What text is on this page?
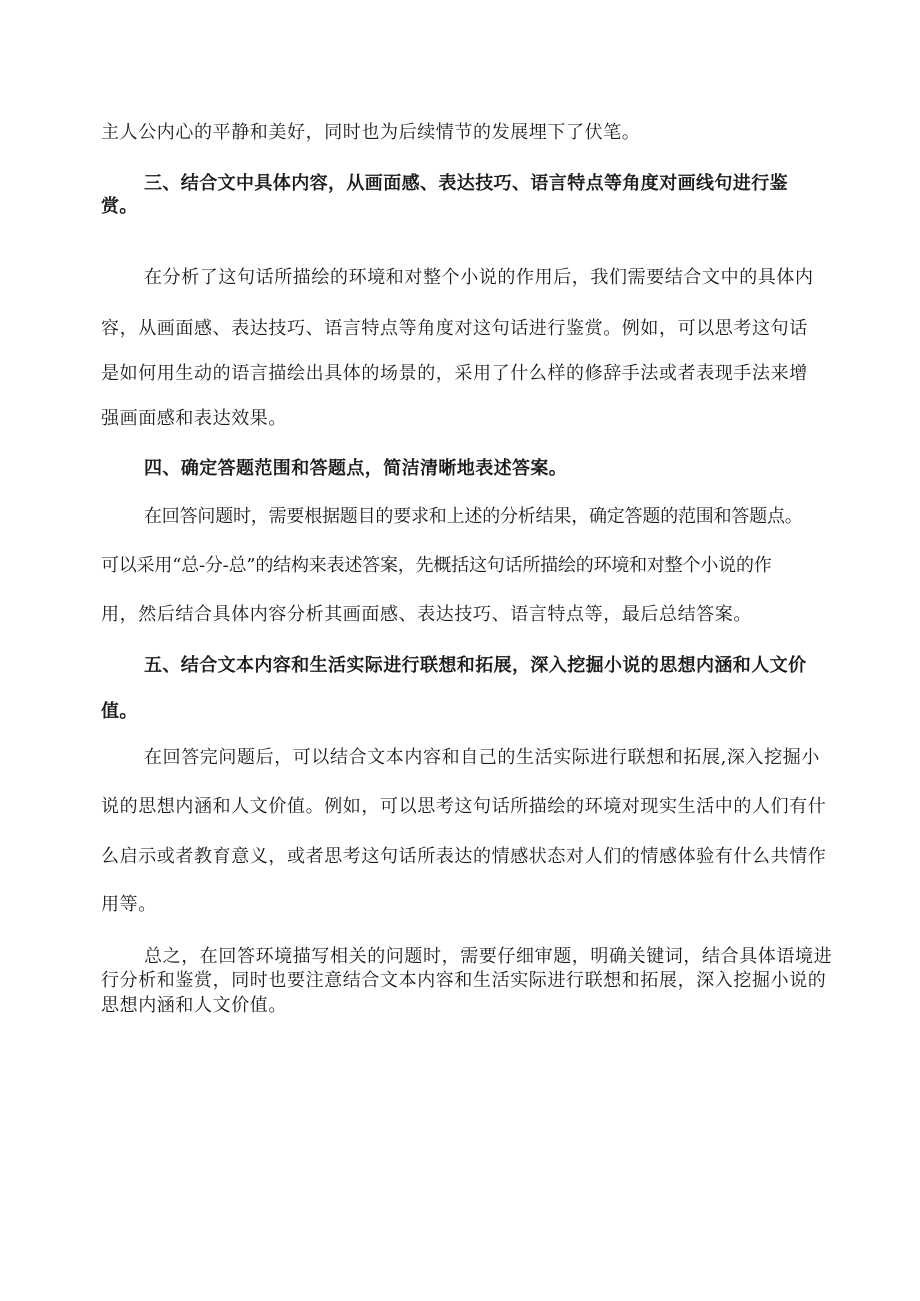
主人公内心的平静和美好，同时也为后续情节的发展埋下了伏笔。
三、结合文中具体内容，从画面感、表达技巧、语言特点等角度对画线句进行鉴
赏。
在分析了这句话所描绘的环境和对整个小说的作用后，我们需要结合文中的具体内
容，从画面感、表达技巧、语言特点等角度对这句话进行鉴赏。例如，可以思考这句话
是如何用生动的语言描绘出具体的场景的，采用了什么样的修辞手法或者表现手法来增
强画面感和表达效果。
四、确定答题范围和答题点，简洁清晰地表述答案。
在回答问题时，需要根据题目的要求和上述的分析结果，确定答题的范围和答题点。
可以采用“总-分-总”的结构来表述答案，先概括这句话所描绘的环境和对整个小说的作
用，然后结合具体内容分析其画面感、表达技巧、语言特点等，最后总结答案。
五、结合文本内容和生活实际进行联想和拓展，深入挖掘小说的思想内涵和人文价
值。
在回答完问题后，可以结合文本内容和自己的生活实际进行联想和拓展,深入挖掘小
说的思想内涵和人文价值。例如，可以思考这句话所描绘的环境对现实生活中的人们有什
么启示或者教育意义，或者思考这句话所表达的情感状态对人们的情感体验有什么共情作
用等。
总之，在回答环境描写相关的问题时，需要仔细审题，明确关键词，结合具体语境进
行分析和鉴赏，同时也要注意结合文本内容和生活实际进行联想和拓展，深入挖掘小说的
思想内涵和人文价值。
